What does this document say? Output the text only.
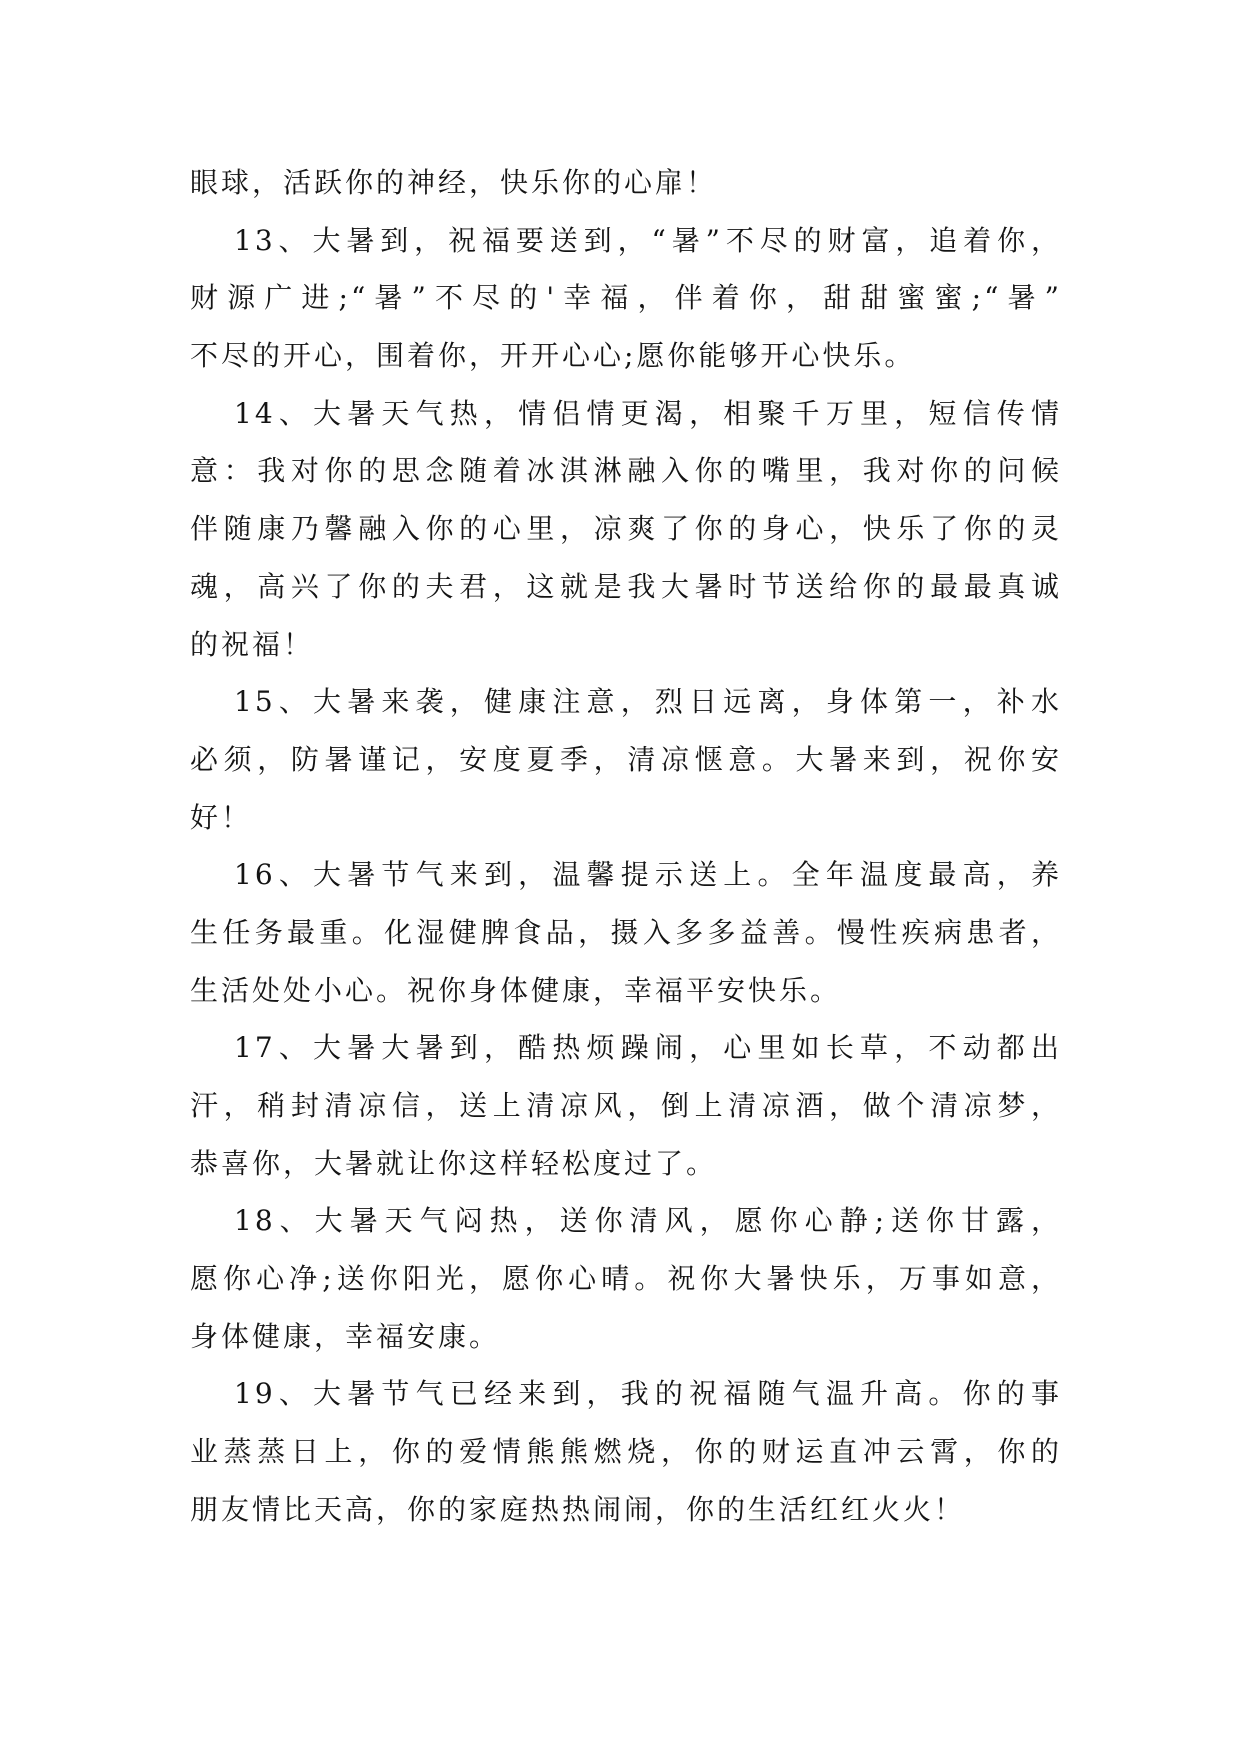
眼球，活跃你的神经，快乐你的心扉！
13、大暑到，祝福要送到，“暑”不尽的财富，追着你，
财源广进;“暑”不尽的'幸福，伴着你，甜甜蜜蜜;“暑”
不尽的开心，围着你，开开心心;愿你能够开心快乐。
14、大暑天气热，情侣情更渴，相聚千万里，短信传情
意：我对你的思念随着冰淇淋融入你的嘴里，我对你的问候
伴随康乃馨融入你的心里，凉爽了你的身心，快乐了你的灵
魂，高兴了你的夫君，这就是我大暑时节送给你的最最真诚
的祝福！
15、大暑来袭，健康注意，烈日远离，身体第一，补水
必须，防暑谨记，安度夏季，清凉惬意。大暑来到，祝你安
好！
16、大暑节气来到，温馨提示送上。全年温度最高，养
生任务最重。化湿健脾食品，摄入多多益善。慢性疾病患者，
生活处处小心。祝你身体健康，幸福平安快乐。
17、大暑大暑到，酷热烦躁闹，心里如长草，不动都出
汗，稍封清凉信，送上清凉风，倒上清凉酒，做个清凉梦，
恭喜你，大暑就让你这样轻松度过了。
18、大暑天气闷热，送你清风，愿你心静;送你甘露，
愿你心净;送你阳光，愿你心晴。祝你大暑快乐，万事如意，
身体健康，幸福安康。
19、大暑节气已经来到，我的祝福随气温升高。你的事
业蒸蒸日上，你的爱情熊熊燃烧，你的财运直冲云霄，你的
朋友情比天高，你的家庭热热闹闹，你的生活红红火火！
